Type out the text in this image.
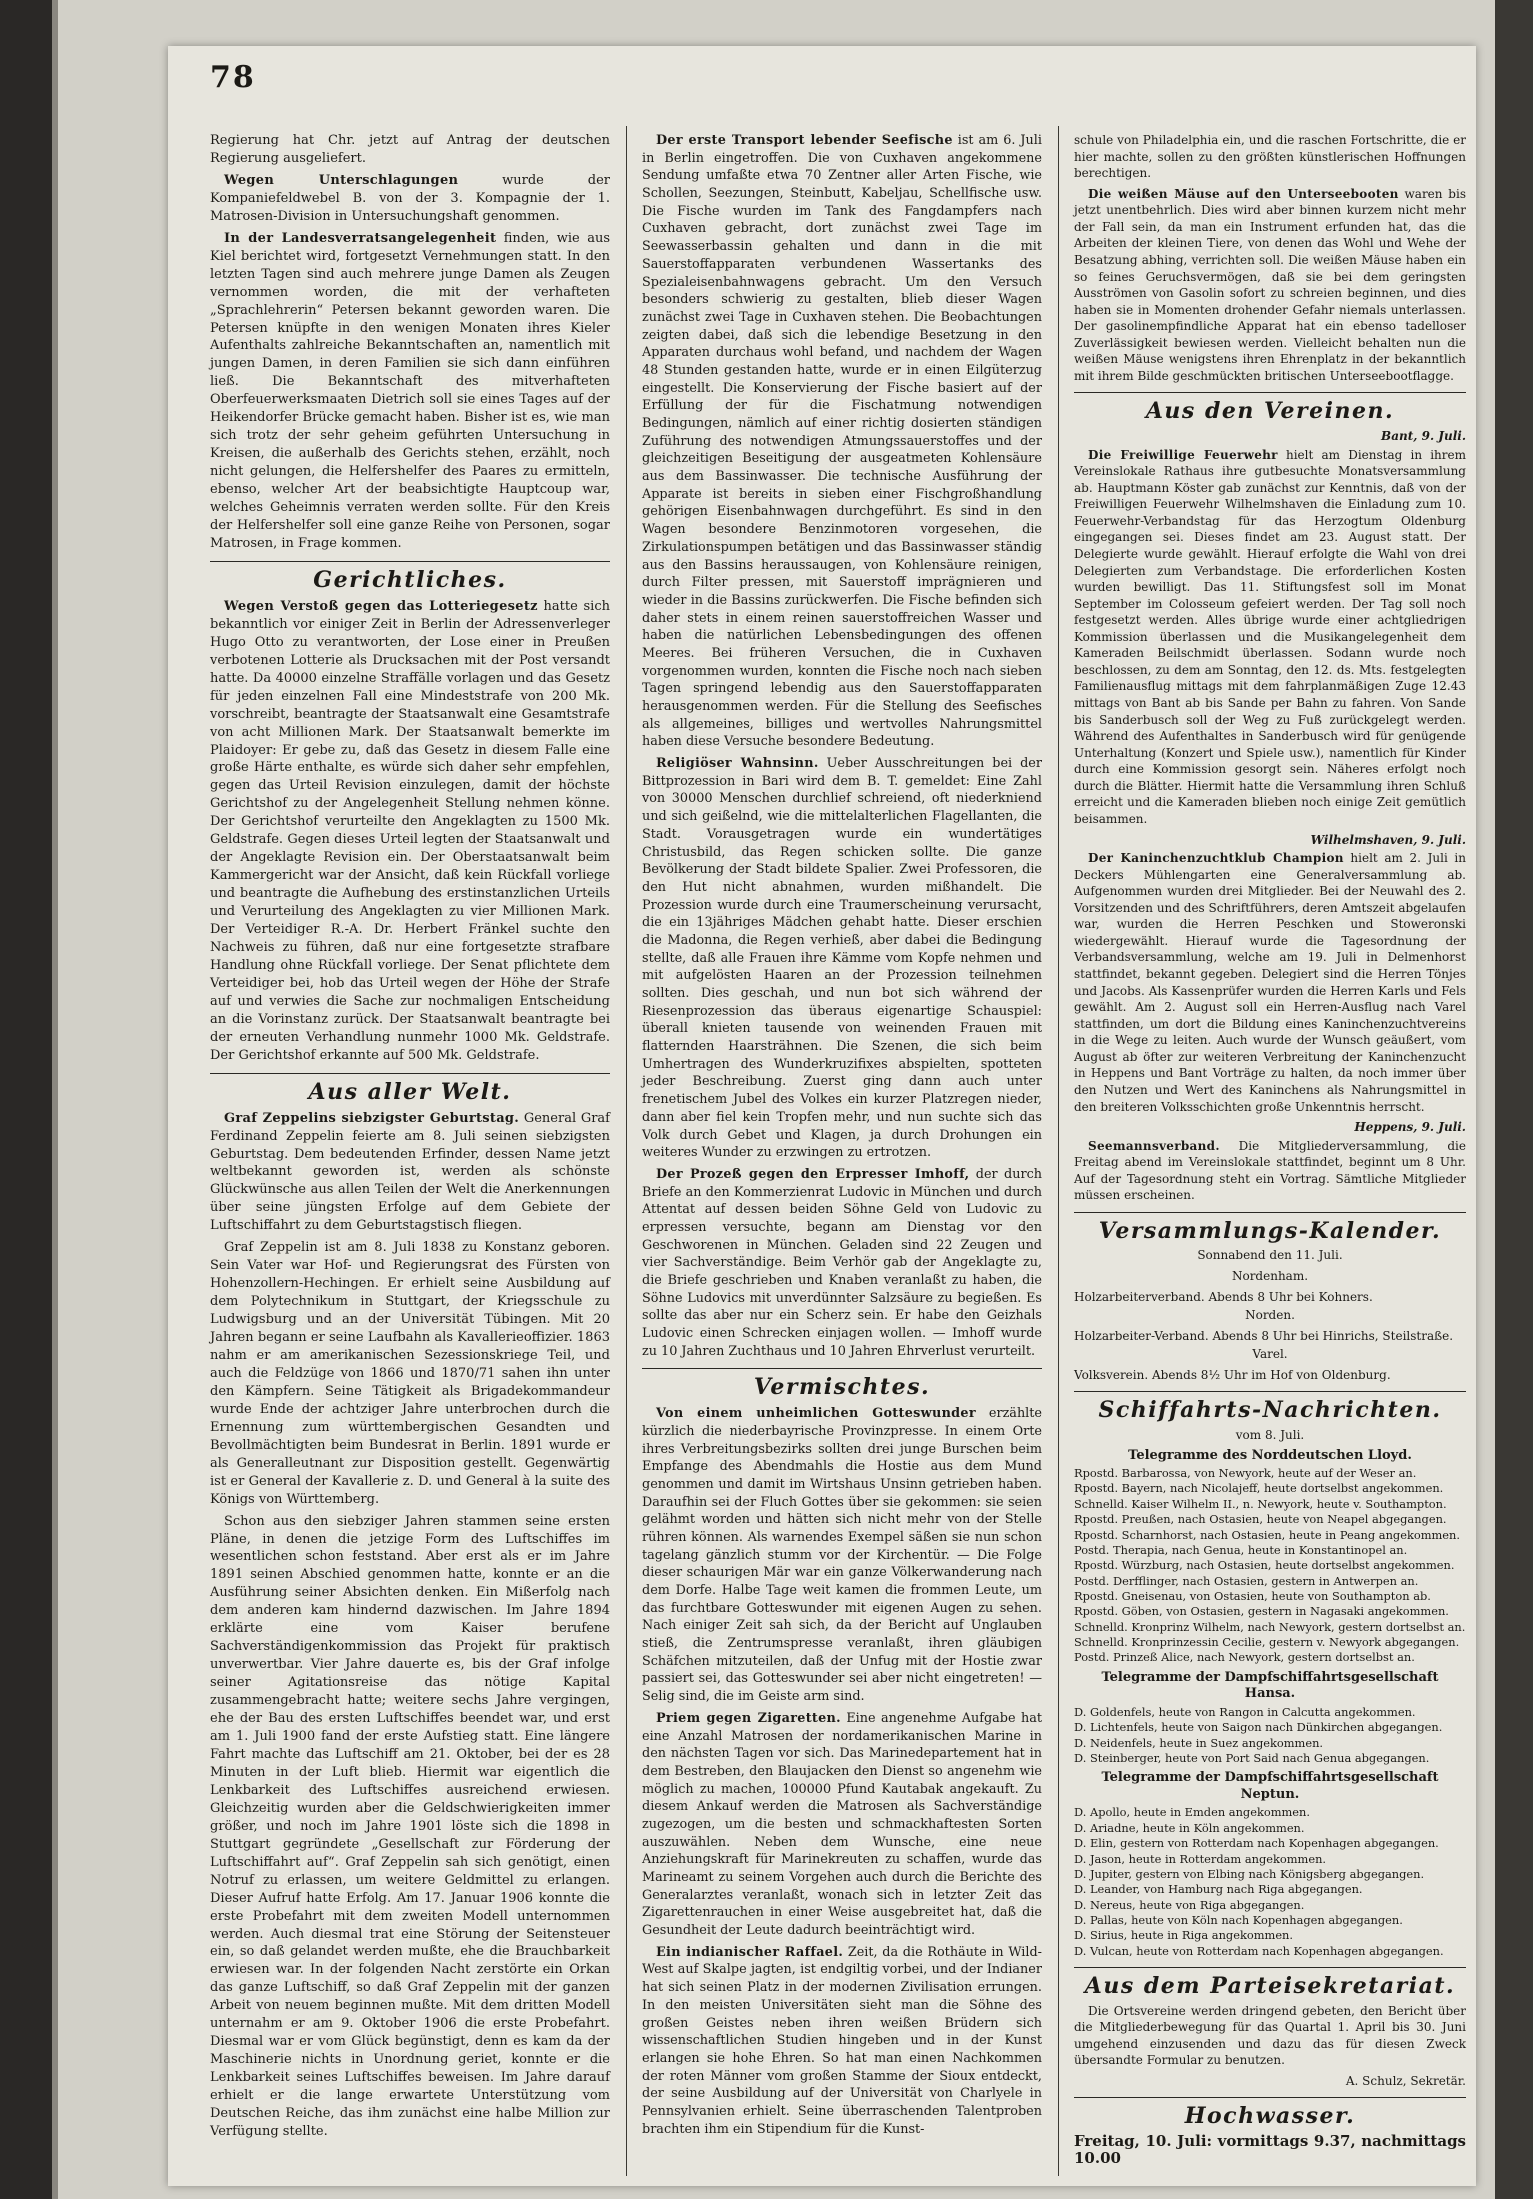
78

Regierung hat Chr. jetzt auf Antrag der deutschen Regierung ausgeliefert.

Wegen Unterschlagungen wurde der Kompaniefeldwebel B. von der 3. Kompagnie der 1. Matrosen-Division in Untersuchungshaft genommen.

In der Landesverratsangelegenheit finden, wie aus Kiel berichtet wird, fortgesetzt Vernehmungen statt. In den letzten Tagen sind auch mehrere junge Damen als Zeugen vernommen worden, die mit der verhafteten „Sprachlehrerin“ Petersen bekannt geworden waren. Die Petersen knüpfte in den wenigen Monaten ihres Kieler Aufenthalts zahlreiche Bekanntschaften an, namentlich mit jungen Damen, in deren Familien sie sich dann einführen ließ. Die Bekanntschaft des mitverhafteten Oberfeuerwerksmaaten Dietrich soll sie eines Tages auf der Heikendorfer Brücke gemacht haben. Bisher ist es, wie man sich trotz der sehr geheim geführten Untersuchung in Kreisen, die außerhalb des Gerichts stehen, erzählt, noch nicht gelungen, die Helfershelfer des Paares zu ermitteln, ebenso, welcher Art der beabsichtigte Hauptcoup war, welches Geheimnis verraten werden sollte. Für den Kreis der Helfershelfer soll eine ganze Reihe von Personen, sogar Matrosen, in Frage kommen.

Gerichtliches.

Wegen Verstoß gegen das Lotteriegesetz hatte sich bekanntlich vor einiger Zeit in Berlin der Adressenverleger Hugo Otto zu verantworten, der Lose einer in Preußen verbotenen Lotterie als Drucksachen mit der Post versandt hatte. Da 40000 einzelne Straffälle vorlagen und das Gesetz für jeden einzelnen Fall eine Mindeststrafe von 200 Mk. vorschreibt, beantragte der Staatsanwalt eine Gesamtstrafe von acht Millionen Mark. Der Staatsanwalt bemerkte im Plaidoyer: Er gebe zu, daß das Gesetz in diesem Falle eine große Härte enthalte, es würde sich daher sehr empfehlen, gegen das Urteil Revision einzulegen, damit der höchste Gerichtshof zu der Angelegenheit Stellung nehmen könne. Der Gerichtshof verurteilte den Angeklagten zu 1500 Mk. Geldstrafe. Gegen dieses Urteil legten der Staatsanwalt und der Angeklagte Revision ein. Der Oberstaatsanwalt beim Kammergericht war der Ansicht, daß kein Rückfall vorliege und beantragte die Aufhebung des erstinstanzlichen Urteils und Verurteilung des Angeklagten zu vier Millionen Mark. Der Verteidiger R.-A. Dr. Herbert Fränkel suchte den Nachweis zu führen, daß nur eine fortgesetzte strafbare Handlung ohne Rückfall vorliege. Der Senat pflichtete dem Verteidiger bei, hob das Urteil wegen der Höhe der Strafe auf und verwies die Sache zur nochmaligen Entscheidung an die Vorinstanz zurück. Der Staatsanwalt beantragte bei der erneuten Verhandlung nunmehr 1000 Mk. Geldstrafe. Der Gerichtshof erkannte auf 500 Mk. Geldstrafe.

Aus aller Welt.

Graf Zeppelins siebzigster Geburtstag. General Graf Ferdinand Zeppelin feierte am 8. Juli seinen siebzigsten Geburtstag. Dem bedeutenden Erfinder, dessen Name jetzt weltbekannt geworden ist, werden als schönste Glückwünsche aus allen Teilen der Welt die Anerkennungen über seine jüngsten Erfolge auf dem Gebiete der Luftschiffahrt zu dem Geburtstagstisch fliegen.

Graf Zeppelin ist am 8. Juli 1838 zu Konstanz geboren. Sein Vater war Hof- und Regierungsrat des Fürsten von Hohenzollern-Hechingen. Er erhielt seine Ausbildung auf dem Polytechnikum in Stuttgart, der Kriegsschule zu Ludwigsburg und an der Universität Tübingen. Mit 20 Jahren begann er seine Laufbahn als Kavallerieoffizier. 1863 nahm er am amerikanischen Sezessionskriege Teil, und auch die Feldzüge von 1866 und 1870/71 sahen ihn unter den Kämpfern. Seine Tätigkeit als Brigadekommandeur wurde Ende der achtziger Jahre unterbrochen durch die Ernennung zum württembergischen Gesandten und Bevollmächtigten beim Bundesrat in Berlin. 1891 wurde er als Generalleutnant zur Disposition gestellt. Gegenwärtig ist er General der Kavallerie z. D. und General à la suite des Königs von Württemberg.

Schon aus den siebziger Jahren stammen seine ersten Pläne, in denen die jetzige Form des Luftschiffes im wesentlichen schon feststand. Aber erst als er im Jahre 1891 seinen Abschied genommen hatte, konnte er an die Ausführung seiner Absichten denken. Ein Mißerfolg nach dem anderen kam hindernd dazwischen. Im Jahre 1894 erklärte eine vom Kaiser berufene Sachverständigenkommission das Projekt für praktisch unverwertbar. Vier Jahre dauerte es, bis der Graf infolge seiner Agitationsreise das nötige Kapital zusammengebracht hatte; weitere sechs Jahre vergingen, ehe der Bau des ersten Luftschiffes beendet war, und erst am 1. Juli 1900 fand der erste Aufstieg statt. Eine längere Fahrt machte das Luftschiff am 21. Oktober, bei der es 28 Minuten in der Luft blieb. Hiermit war eigentlich die Lenkbarkeit des Luftschiffes ausreichend erwiesen. Gleichzeitig wurden aber die Geldschwierigkeiten immer größer, und noch im Jahre 1901 löste sich die 1898 in Stuttgart gegründete „Gesellschaft zur Förderung der Luftschiffahrt auf“. Graf Zeppelin sah sich genötigt, einen Notruf zu erlassen, um weitere Geldmittel zu erlangen. Dieser Aufruf hatte Erfolg. Am 17. Januar 1906 konnte die erste Probefahrt mit dem zweiten Modell unternommen werden. Auch diesmal trat eine Störung der Seitensteuer ein, so daß gelandet werden mußte, ehe die Brauchbarkeit erwiesen war. In der folgenden Nacht zerstörte ein Orkan das ganze Luftschiff, so daß Graf Zeppelin mit der ganzen Arbeit von neuem beginnen mußte. Mit dem dritten Modell unternahm er am 9. Oktober 1906 die erste Probefahrt. Diesmal war er vom Glück begünstigt, denn es kam da der Maschinerie nichts in Unordnung geriet, konnte er die Lenkbarkeit seines Luftschiffes beweisen. Im Jahre darauf erhielt er die lange erwartete Unterstützung vom Deutschen Reiche, das ihm zunächst eine halbe Million zur Verfügung stellte.

Der erste Transport lebender Seefische ist am 6. Juli in Berlin eingetroffen. Die von Cuxhaven angekommene Sendung umfaßte etwa 70 Zentner aller Arten Fische, wie Schollen, Seezungen, Steinbutt, Kabeljau, Schellfische usw. Die Fische wurden im Tank des Fangdampfers nach Cuxhaven gebracht, dort zunächst zwei Tage im Seewasserbassin gehalten und dann in die mit Sauerstoffapparaten verbundenen Wassertanks des Spezialeisenbahnwagens gebracht. Um den Versuch besonders schwierig zu gestalten, blieb dieser Wagen zunächst zwei Tage in Cuxhaven stehen. Die Beobachtungen zeigten dabei, daß sich die lebendige Besetzung in den Apparaten durchaus wohl befand, und nachdem der Wagen 48 Stunden gestanden hatte, wurde er in einen Eilgüterzug eingestellt. Die Konservierung der Fische basiert auf der Erfüllung der für die Fischatmung notwendigen Bedingungen, nämlich auf einer richtig dosierten ständigen Zuführung des notwendigen Atmungssauerstoffes und der gleichzeitigen Beseitigung der ausgeatmeten Kohlensäure aus dem Bassinwasser. Die technische Ausführung der Apparate ist bereits in sieben einer Fischgroßhandlung gehörigen Eisenbahnwagen durchgeführt. Es sind in den Wagen besondere Benzinmotoren vorgesehen, die Zirkulationspumpen betätigen und das Bassinwasser ständig aus den Bassins heraussaugen, von Kohlensäure reinigen, durch Filter pressen, mit Sauerstoff imprägnieren und wieder in die Bassins zurückwerfen. Die Fische befinden sich daher stets in einem reinen sauerstoffreichen Wasser und haben die natürlichen Lebensbedingungen des offenen Meeres. Bei früheren Versuchen, die in Cuxhaven vorgenommen wurden, konnten die Fische noch nach sieben Tagen springend lebendig aus den Sauerstoffapparaten herausgenommen werden. Für die Stellung des Seefisches als allgemeines, billiges und wertvolles Nahrungsmittel haben diese Versuche besondere Bedeutung.

Religiöser Wahnsinn. Ueber Ausschreitungen bei der Bittprozession in Bari wird dem B. T. gemeldet: Eine Zahl von 30000 Menschen durchlief schreiend, oft niederkniend und sich geißelnd, wie die mittelalterlichen Flagellanten, die Stadt. Vorausgetragen wurde ein wundertätiges Christusbild, das Regen schicken sollte. Die ganze Bevölkerung der Stadt bildete Spalier. Zwei Professoren, die den Hut nicht abnahmen, wurden mißhandelt. Die Prozession wurde durch eine Traumerscheinung verursacht, die ein 13jähriges Mädchen gehabt hatte. Dieser erschien die Madonna, die Regen verhieß, aber dabei die Bedingung stellte, daß alle Frauen ihre Kämme vom Kopfe nehmen und mit aufgelösten Haaren an der Prozession teilnehmen sollten. Dies geschah, und nun bot sich während der Riesenprozession das überaus eigenartige Schauspiel: überall knieten tausende von weinenden Frauen mit flatternden Haarsträhnen. Die Szenen, die sich beim Umhertragen des Wunderkruzifixes abspielten, spotteten jeder Beschreibung. Zuerst ging dann auch unter frenetischem Jubel des Volkes ein kurzer Platzregen nieder, dann aber fiel kein Tropfen mehr, und nun suchte sich das Volk durch Gebet und Klagen, ja durch Drohungen ein weiteres Wunder zu erzwingen zu ertrotzen.

Der Prozeß gegen den Erpresser Imhoff, der durch Briefe an den Kommerzienrat Ludovic in München und durch Attentat auf dessen beiden Söhne Geld von Ludovic zu erpressen versuchte, begann am Dienstag vor den Geschworenen in München. Geladen sind 22 Zeugen und vier Sachverständige. Beim Verhör gab der Angeklagte zu, die Briefe geschrieben und Knaben veranlaßt zu haben, die Söhne Ludovics mit unverdünnter Salzsäure zu begießen. Es sollte das aber nur ein Scherz sein. Er habe den Geizhals Ludovic einen Schrecken einjagen wollen. — Imhoff wurde zu 10 Jahren Zuchthaus und 10 Jahren Ehrverlust verurteilt.

Vermischtes.

Von einem unheimlichen Gotteswunder erzählte kürzlich die niederbayrische Provinzpresse. In einem Orte ihres Verbreitungsbezirks sollten drei junge Burschen beim Empfange des Abendmahls die Hostie aus dem Mund genommen und damit im Wirtshaus Unsinn getrieben haben. Daraufhin sei der Fluch Gottes über sie gekommen: sie seien gelähmt worden und hätten sich nicht mehr von der Stelle rühren können. Als warnendes Exempel säßen sie nun schon tagelang gänzlich stumm vor der Kirchentür. — Die Folge dieser schaurigen Mär war ein ganze Völkerwanderung nach dem Dorfe. Halbe Tage weit kamen die frommen Leute, um das furchtbare Gotteswunder mit eigenen Augen zu sehen. Nach einiger Zeit sah sich, da der Bericht auf Unglauben stieß, die Zentrumspresse veranlaßt, ihren gläubigen Schäfchen mitzuteilen, daß der Unfug mit der Hostie zwar passiert sei, das Gotteswunder sei aber nicht eingetreten! — Selig sind, die im Geiste arm sind.

Priem gegen Zigaretten. Eine angenehme Aufgabe hat eine Anzahl Matrosen der nordamerikanischen Marine in den nächsten Tagen vor sich. Das Marinedepartement hat in dem Bestreben, den Blaujacken den Dienst so angenehm wie möglich zu machen, 100000 Pfund Kautabak angekauft. Zu diesem Ankauf werden die Matrosen als Sachverständige zugezogen, um die besten und schmackhaftesten Sorten auszuwählen. Neben dem Wunsche, eine neue Anziehungskraft für Marinekreuten zu schaffen, wurde das Marineamt zu seinem Vorgehen auch durch die Berichte des Generalarztes veranlaßt, wonach sich in letzter Zeit das Zigarettenrauchen in einer Weise ausgebreitet hat, daß die Gesundheit der Leute dadurch beeinträchtigt wird.

Ein indianischer Raffael. Zeit, da die Rothäute in Wild-West auf Skalpe jagten, ist endgiltig vorbei, und der Indianer hat sich seinen Platz in der modernen Zivilisation errungen. In den meisten Universitäten sieht man die Söhne des großen Geistes neben ihren weißen Brüdern sich wissenschaftlichen Studien hingeben und in der Kunst erlangen sie hohe Ehren. So hat man einen Nachkommen der roten Männer vom großen Stamme der Sioux entdeckt, der seine Ausbildung auf der Universität von Charlyele in Pennsylvanien erhielt. Seine überraschenden Talentproben brachten ihm ein Stipendium für die Kunst-

schule von Philadelphia ein, und die raschen Fortschritte, die er hier machte, sollen zu den größten künstlerischen Hoffnungen berechtigen.

Die weißen Mäuse auf den Unterseebooten waren bis jetzt unentbehrlich. Dies wird aber binnen kurzem nicht mehr der Fall sein, da man ein Instrument erfunden hat, das die Arbeiten der kleinen Tiere, von denen das Wohl und Wehe der Besatzung abhing, verrichten soll. Die weißen Mäuse haben ein so feines Geruchsvermögen, daß sie bei dem geringsten Ausströmen von Gasolin sofort zu schreien beginnen, und dies haben sie in Momenten drohender Gefahr niemals unterlassen. Der gasolinempfindliche Apparat hat ein ebenso tadelloser Zuverlässigkeit bewiesen werden. Vielleicht behalten nun die weißen Mäuse wenigstens ihren Ehrenplatz in der bekanntlich mit ihrem Bilde geschmückten britischen Unterseebootflagge.

Aus den Vereinen.
Bant, 9. Juli.

Die Freiwillige Feuerwehr hielt am Dienstag in ihrem Vereinslokale Rathaus ihre gutbesuchte Monatsversammlung ab. Hauptmann Köster gab zunächst zur Kenntnis, daß von der Freiwilligen Feuerwehr Wilhelmshaven die Einladung zum 10. Feuerwehr-Verbandstag für das Herzogtum Oldenburg eingegangen sei. Dieses findet am 23. August statt. Der Delegierte wurde gewählt. Hierauf erfolgte die Wahl von drei Delegierten zum Verbandstage. Die erforderlichen Kosten wurden bewilligt. Das 11. Stiftungsfest soll im Monat September im Colosseum gefeiert werden. Der Tag soll noch festgesetzt werden. Alles übrige wurde einer achtgliedrigen Kommission überlassen und die Musikangelegenheit dem Kameraden Beilschmidt überlassen. Sodann wurde noch beschlossen, zu dem am Sonntag, den 12. ds. Mts. festgelegten Familienausflug mittags mit dem fahrplanmäßigen Zuge 12.43 mittags von Bant ab bis Sande per Bahn zu fahren. Von Sande bis Sanderbusch soll der Weg zu Fuß zurückgelegt werden. Während des Aufenthaltes in Sanderbusch wird für genügende Unterhaltung (Konzert und Spiele usw.), namentlich für Kinder durch eine Kommission gesorgt sein. Näheres erfolgt noch durch die Blätter. Hiermit hatte die Versammlung ihren Schluß erreicht und die Kameraden blieben noch einige Zeit gemütlich beisammen.

Wilhelmshaven, 9. Juli.

Der Kaninchenzuchtklub Champion hielt am 2. Juli in Deckers Mühlengarten eine Generalversammlung ab. Aufgenommen wurden drei Mitglieder. Bei der Neuwahl des 2. Vorsitzenden und des Schriftführers, deren Amtszeit abgelaufen war, wurden die Herren Peschken und Stoweronski wiedergewählt. Hierauf wurde die Tagesordnung der Verbandsversammlung, welche am 19. Juli in Delmenhorst stattfindet, bekannt gegeben. Delegiert sind die Herren Tönjes und Jacobs. Als Kassenprüfer wurden die Herren Karls und Fels gewählt. Am 2. August soll ein Herren-Ausflug nach Varel stattfinden, um dort die Bildung eines Kaninchenzuchtvereins in die Wege zu leiten. Auch wurde der Wunsch geäußert, vom August ab öfter zur weiteren Verbreitung der Kaninchenzucht in Heppens und Bant Vorträge zu halten, da noch immer über den Nutzen und Wert des Kaninchens als Nahrungsmittel in den breiteren Volksschichten große Unkenntnis herrscht.

Heppens, 9. Juli.

Seemannsverband. Die Mitgliederversammlung, die Freitag abend im Vereinslokale stattfindet, beginnt um 8 Uhr. Auf der Tagesordnung steht ein Vortrag. Sämtliche Mitglieder müssen erscheinen.

Versammlungs-Kalender.

Sonnabend den 11. Juli.

Nordenham.

Holzarbeiterverband. Abends 8 Uhr bei Kohners.

Norden.

Holzarbeiter-Verband. Abends 8 Uhr bei Hinrichs, Steilstraße.

Varel.

Volksverein. Abends 8½ Uhr im Hof von Oldenburg.

Schiffahrts-Nachrichten.

vom 8. Juli.

Telegramme des Norddeutschen Lloyd.

Rpostd. Barbarossa, von Newyork, heute auf der Weser an.

Rpostd. Bayern, nach Nicolajeff, heute dortselbst angekommen.

Schnelld. Kaiser Wilhelm II., n. Newyork, heute v. Southampton.

Rpostd. Preußen, nach Ostasien, heute von Neapel abgegangen.

Rpostd. Scharnhorst, nach Ostasien, heute in Peang angekommen.

Postd. Therapia, nach Genua, heute in Konstantinopel an.

Rpostd. Würzburg, nach Ostasien, heute dortselbst angekommen.

Postd. Derfflinger, nach Ostasien, gestern in Antwerpen an.

Rpostd. Gneisenau, von Ostasien, heute von Southampton ab.

Rpostd. Göben, von Ostasien, gestern in Nagasaki angekommen.

Schnelld. Kronprinz Wilhelm, nach Newyork, gestern dortselbst an.

Schnelld. Kronprinzessin Cecilie, gestern v. Newyork abgegangen.

Postd. Prinzeß Alice, nach Newyork, gestern dortselbst an.

Telegramme der Dampfschiffahrtsgesellschaft Hansa.

D. Goldenfels, heute von Rangon in Calcutta angekommen.

D. Lichtenfels, heute von Saigon nach Dünkirchen abgegangen.

D. Neidenfels, heute in Suez angekommen.

D. Steinberger, heute von Port Said nach Genua abgegangen.

Telegramme der Dampfschiffahrtsgesellschaft Neptun.

D. Apollo, heute in Emden angekommen.

D. Ariadne, heute in Köln angekommen.

D. Elin, gestern von Rotterdam nach Kopenhagen abgegangen.

D. Jason, heute in Rotterdam angekommen.

D. Jupiter, gestern von Elbing nach Königsberg abgegangen.

D. Leander, von Hamburg nach Riga abgegangen.

D. Nereus, heute von Riga abgegangen.

D. Pallas, heute von Köln nach Kopenhagen abgegangen.

D. Sirius, heute in Riga angekommen.

D. Vulcan, heute von Rotterdam nach Kopenhagen abgegangen.

Aus dem Parteisekretariat.

Die Ortsvereine werden dringend gebeten, den Bericht über die Mitgliederbewegung für das Quartal 1. April bis 30. Juni umgehend einzusenden und dazu das für diesen Zweck übersandte Formular zu benutzen.

A. Schulz, Sekretär.

Hochwasser.

Freitag, 10. Juli: vormittags 9.37, nachmittags 10.00
